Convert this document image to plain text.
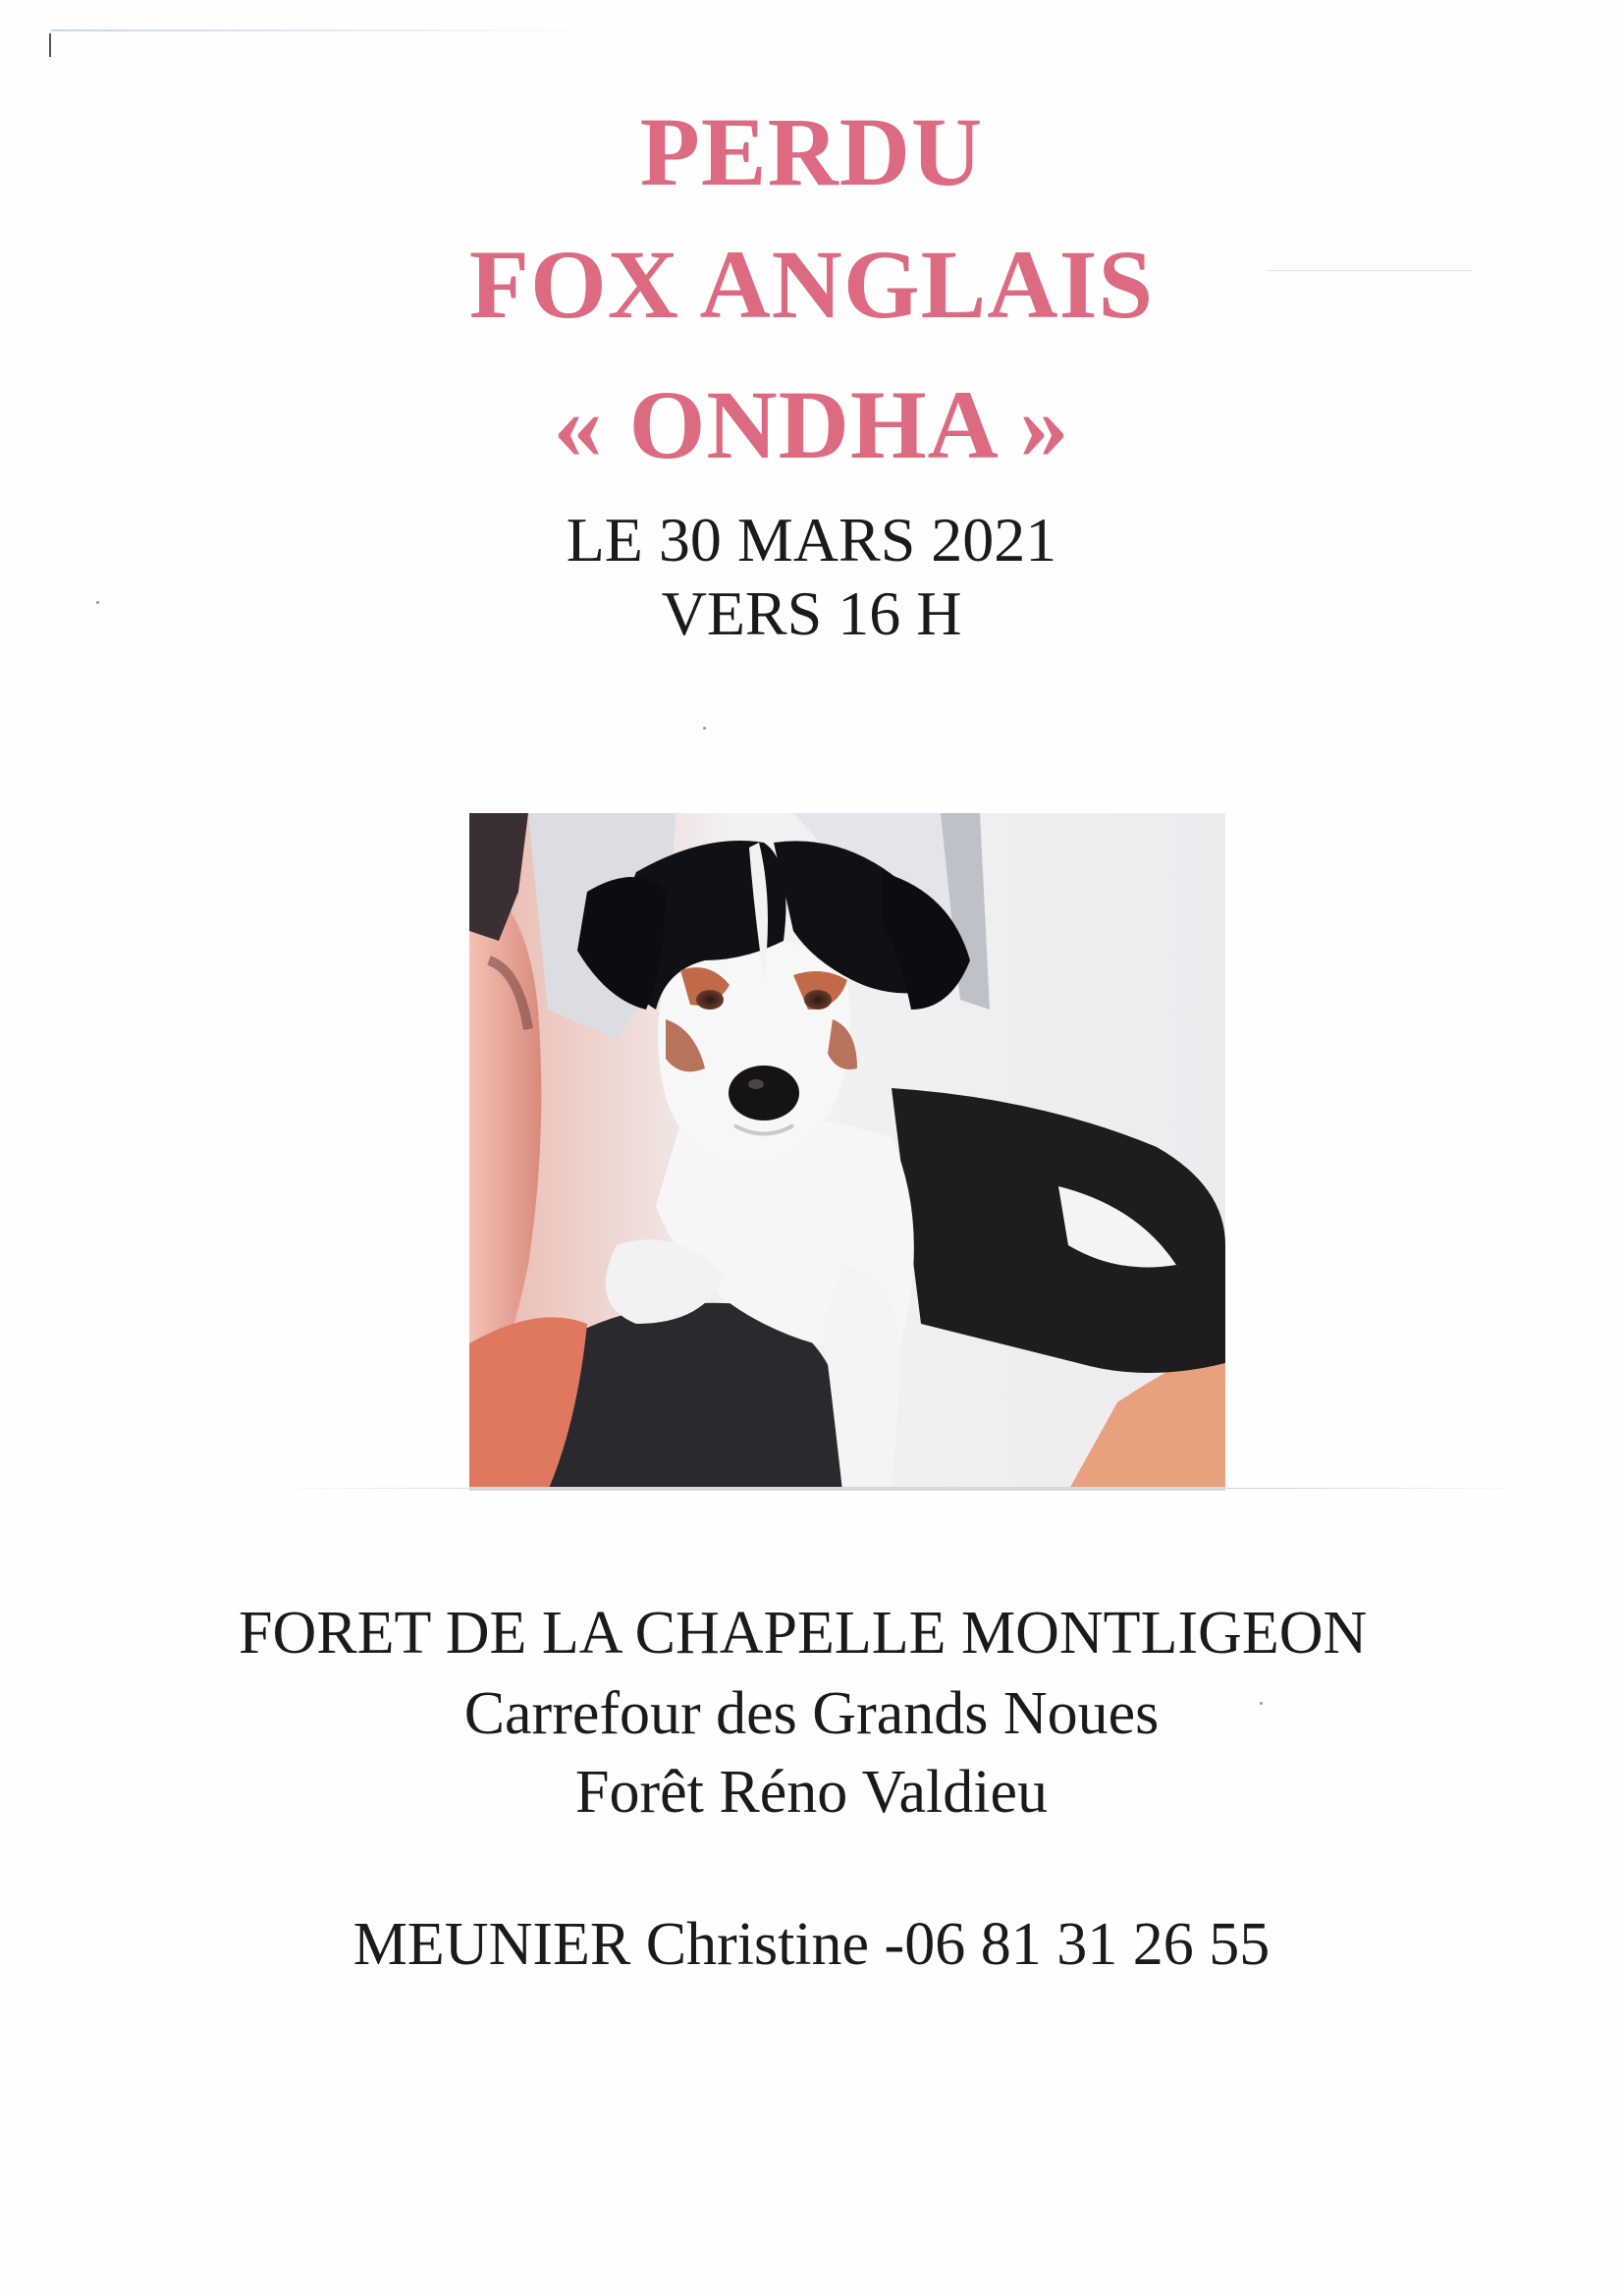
PERDU
FOX ANGLAIS
« ONDHA »
LE 30 MARS 2021
VERS 16 H
FORET DE LA CHAPELLE MONTLIGEON
Carrefour des Grands Noues
Forêt Réno Valdieu
MEUNIER Christine -06 81 31 26 55
